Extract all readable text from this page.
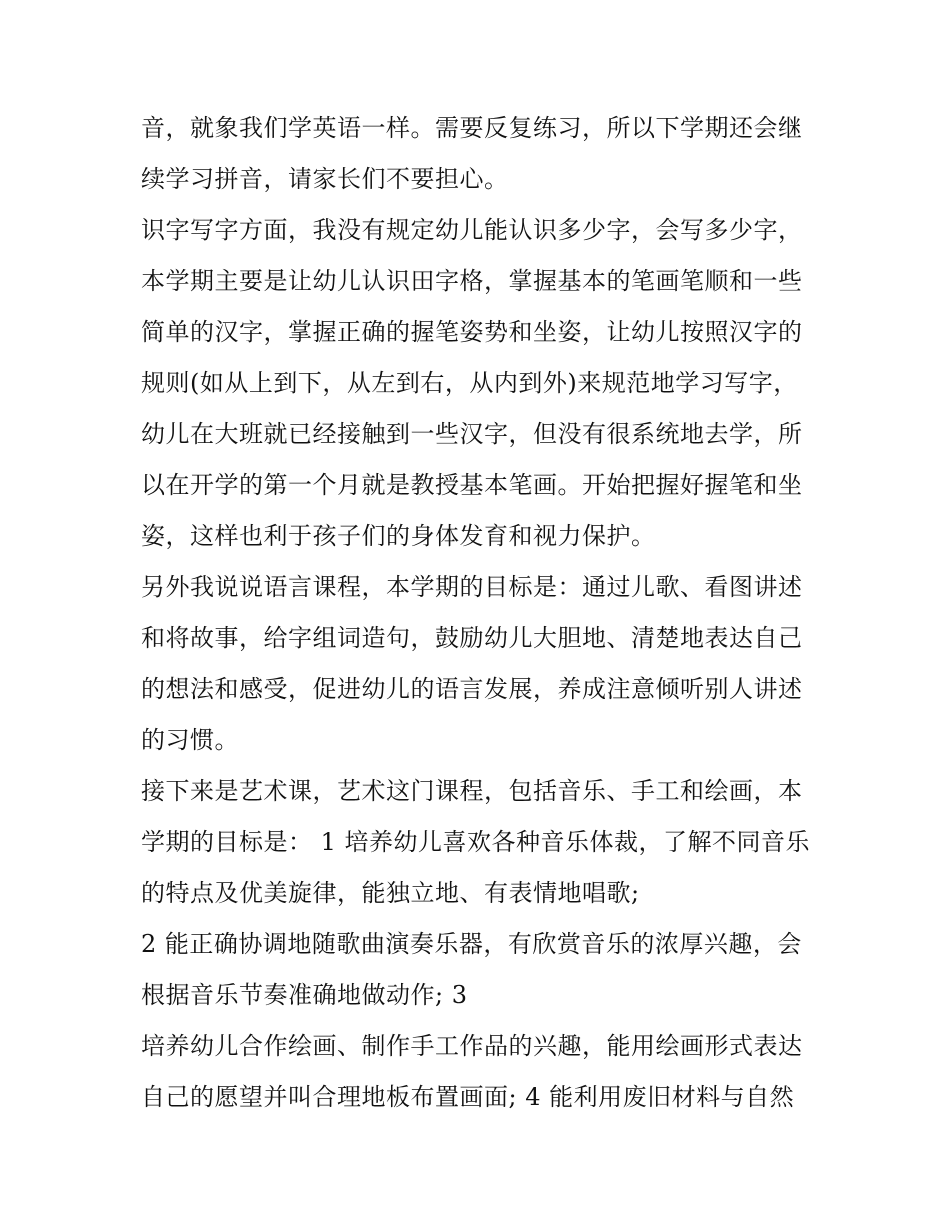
音，就象我们学英语一样。需要反复练习，所以下学期还会继
续学习拼音，请家长们不要担心。
识字写字方面，我没有规定幼儿能认识多少字，会写多少字，
本学期主要是让幼儿认识田字格，掌握基本的笔画笔顺和一些
简单的汉字，掌握正确的握笔姿势和坐姿，让幼儿按照汉字的
规则(如从上到下，从左到右，从内到外)来规范地学习写字，
幼儿在大班就已经接触到一些汉字，但没有很系统地去学，所
以在开学的第一个月就是教授基本笔画。开始把握好握笔和坐
姿，这样也利于孩子们的身体发育和视力保护。
另外我说说语言课程，本学期的目标是：通过儿歌、看图讲述
和将故事，给字组词造句，鼓励幼儿大胆地、清楚地表达自己
的想法和感受，促进幼儿的语言发展，养成注意倾听别人讲述
的习惯。
接下来是艺术课，艺术这门课程，包括音乐、手工和绘画，本
学期的目标是： 1 培养幼儿喜欢各种音乐体裁，了解不同音乐
的特点及优美旋律，能独立地、有表情地唱歌;
2 能正确协调地随歌曲演奏乐器，有欣赏音乐的浓厚兴趣，会
根据音乐节奏准确地做动作; 3
培养幼儿合作绘画、制作手工作品的兴趣，能用绘画形式表达
自己的愿望并叫合理地板布置画面; 4 能利用废旧材料与自然
